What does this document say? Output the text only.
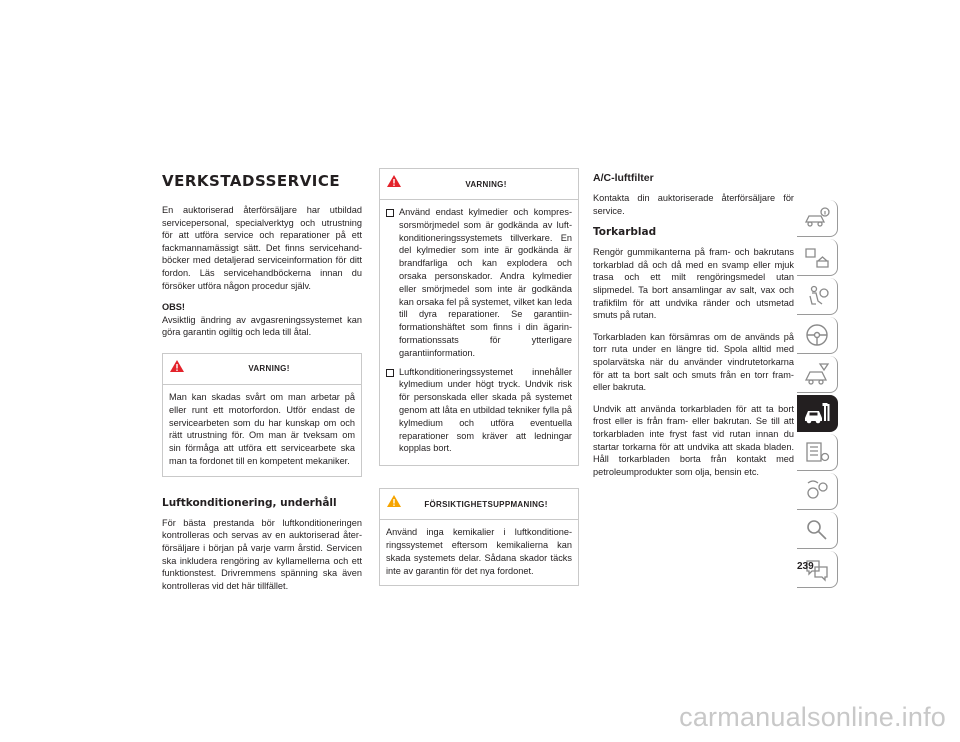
VERKSTADSSERVICE

En auktoriserad återförsäljare har utbildad servicepersonal, specialverktyg och utrustning för att utföra service och reparationer på ett fackmannamässigt sätt. Det finns servicehandböcker med detaljerad serviceinformation för ditt fordon. Läs servicehandböckerna innan du försöker utföra någon procedur själv.

OBS!

Avsiktlig ändring av avgasreningssystemet kan göra garantin ogiltig och leda till åtal.

VARNING!

Man kan skadas svårt om man arbetar på eller runt ett motorfordon. Utför endast de servicearbeten som du har kunskap om och rätt utrustning för. Om man är tveksam om sin förmåga att utföra ett servicearbete ska man ta fordonet till en kompetent mekaniker.

Luftkonditionering, underhåll

För bästa prestanda bör luftkonditioneringen kontrolleras och servas av en auktoriserad återförsäljare i början på varje varm årstid. Servicen ska inkludera rengöring av kyllamellerna och ett funktionstest. Drivremmens spänning ska även kontrolleras vid det här tillfället.

VARNING!

Använd endast kylmedier och kompressorsmörjmedel som är godkända av luftkonditioneringssystemets tillverkare. En del kylmedier som inte är godkända är brandfarliga och kan explodera och orsaka personskador. Andra kylmedier eller smörjmedel som inte är godkända kan orsaka fel på systemet, vilket kan leda till dyra reparationer. Se garantiinformationshäftet som finns i din ägarinformationssats för ytterligare garantiinformation.

Luftkonditioneringssystemet innehåller kylmedium under högt tryck. Undvik risk för personskada eller skada på systemet genom att låta en utbildad tekniker fylla på kylmedium och utföra eventuella reparationer som kräver att ledningar kopplas bort.

FÖRSIKTIGHETSUPPMANING!

Använd inga kemikalier i luftkonditioneringssystemet eftersom kemikalierna kan skada systemets delar. Sådana skador täcks inte av garantin för det nya fordonet.

A/C-luftfilter

Kontakta din auktoriserade återförsäljare för service.

Torkarblad

Rengör gummikanterna på fram- och bakrutans torkarblad då och då med en svamp eller mjuk trasa och ett milt rengöringsmedel utan slipmedel. Ta bort ansamlingar av salt, vax och trafikfilm för att undvika ränder och utsmetad smuts på rutan.

Torkarbladen kan försämras om de används på torr ruta under en längre tid. Spola alltid med spolarvätska när du använder vindrutetorkarna för att ta bort salt och smuts från en torr fram- eller bakruta.

Undvik att använda torkarbladen för att ta bort frost eller is från fram- eller bakrutan. Se till att torkarbladen inte fryst fast vid rutan innan du startar torkarna för att undvika att skada bladen. Håll torkarbladen borta från kontakt med petroleumprodukter som olja, bensin etc.

239
carmanualsonline.info
